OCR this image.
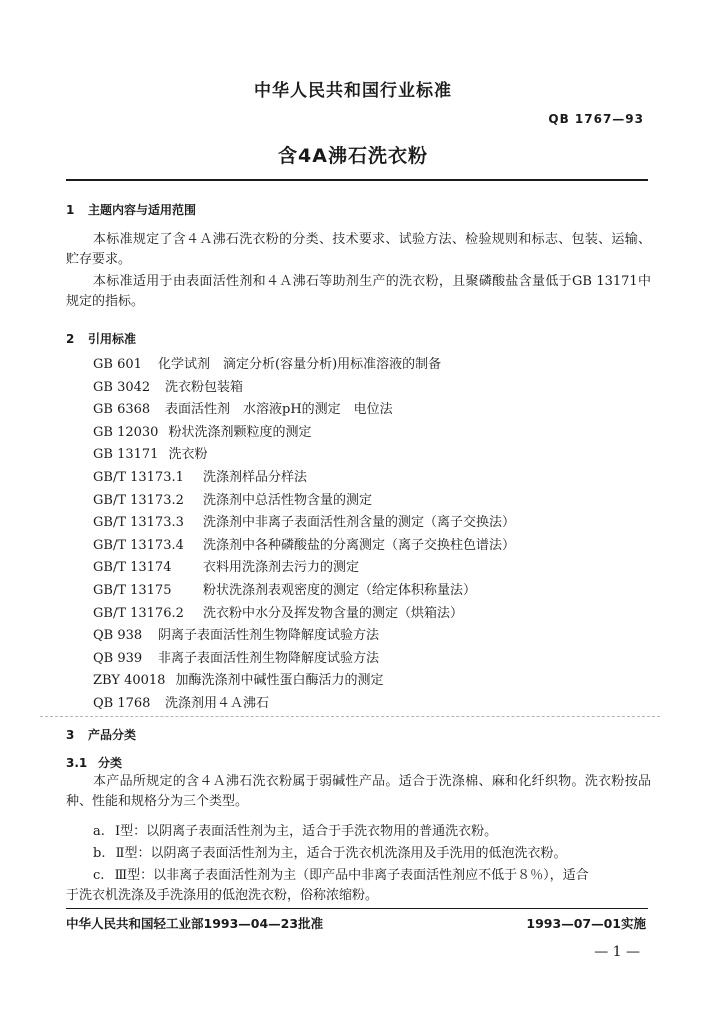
中华人民共和国行业标准
QB 1767—93
含4A沸石洗衣粉
1 主题内容与适用范围
本标准规定了含４Ａ沸石洗衣粉的分类、技术要求、试验方法、检验规则和标志、包装、运输、贮存要求。
本标准适用于由表面活性剂和４Ａ沸石等助剂生产的洗衣粉，且聚磷酸盐含量低于GB 13171中规定的指标。
2 引用标准
GB 601 化学试剂　滴定分析(容量分析)用标准溶液的制备
GB 3042 洗衣粉包装箱
GB 6368 表面活性剂　水溶液pH的测定　电位法
GB 12030 粉状洗涤剂颗粒度的测定
GB 13171 洗衣粉
GB/T 13173.1 洗涤剂样品分样法
GB/T 13173.2 洗涤剂中总活性物含量的测定
GB/T 13173.3 洗涤剂中非离子表面活性剂含量的测定（离子交换法）
GB/T 13173.4 洗涤剂中各种磷酸盐的分离测定（离子交换柱色谱法）
GB/T 13174 衣料用洗涤剂去污力的测定
GB/T 13175 粉状洗涤剂表观密度的测定（给定体积称量法）
GB/T 13176.2 洗衣粉中水分及挥发物含量的测定（烘箱法）
QB 938 阴离子表面活性剂生物降解度试验方法
QB 939 非离子表面活性剂生物降解度试验方法
ZBY 40018 加酶洗涤剂中碱性蛋白酶活力的测定
QB 1768 洗涤剂用４Ａ沸石
3 产品分类
3.1 分类
本产品所规定的含４Ａ沸石洗衣粉属于弱碱性产品。适合于洗涤棉、麻和化纤织物。洗衣粉按品种、性能和规格分为三个类型。
a. Ⅰ型：以阴离子表面活性剂为主，适合于手洗衣物用的普通洗衣粉。
b. Ⅱ型：以阴离子表面活性剂为主，适合于洗衣机洗涤用及手洗用的低泡洗衣粉。
c. Ⅲ型：以非离子表面活性剂为主（即产品中非离子表面活性剂应不低于８％），适合
于洗衣机洗涤及手洗涤用的低泡洗衣粉，俗称浓缩粉。
中华人民共和国轻工业部1993—04—23批准	1993—07—01实施
— 1 —
